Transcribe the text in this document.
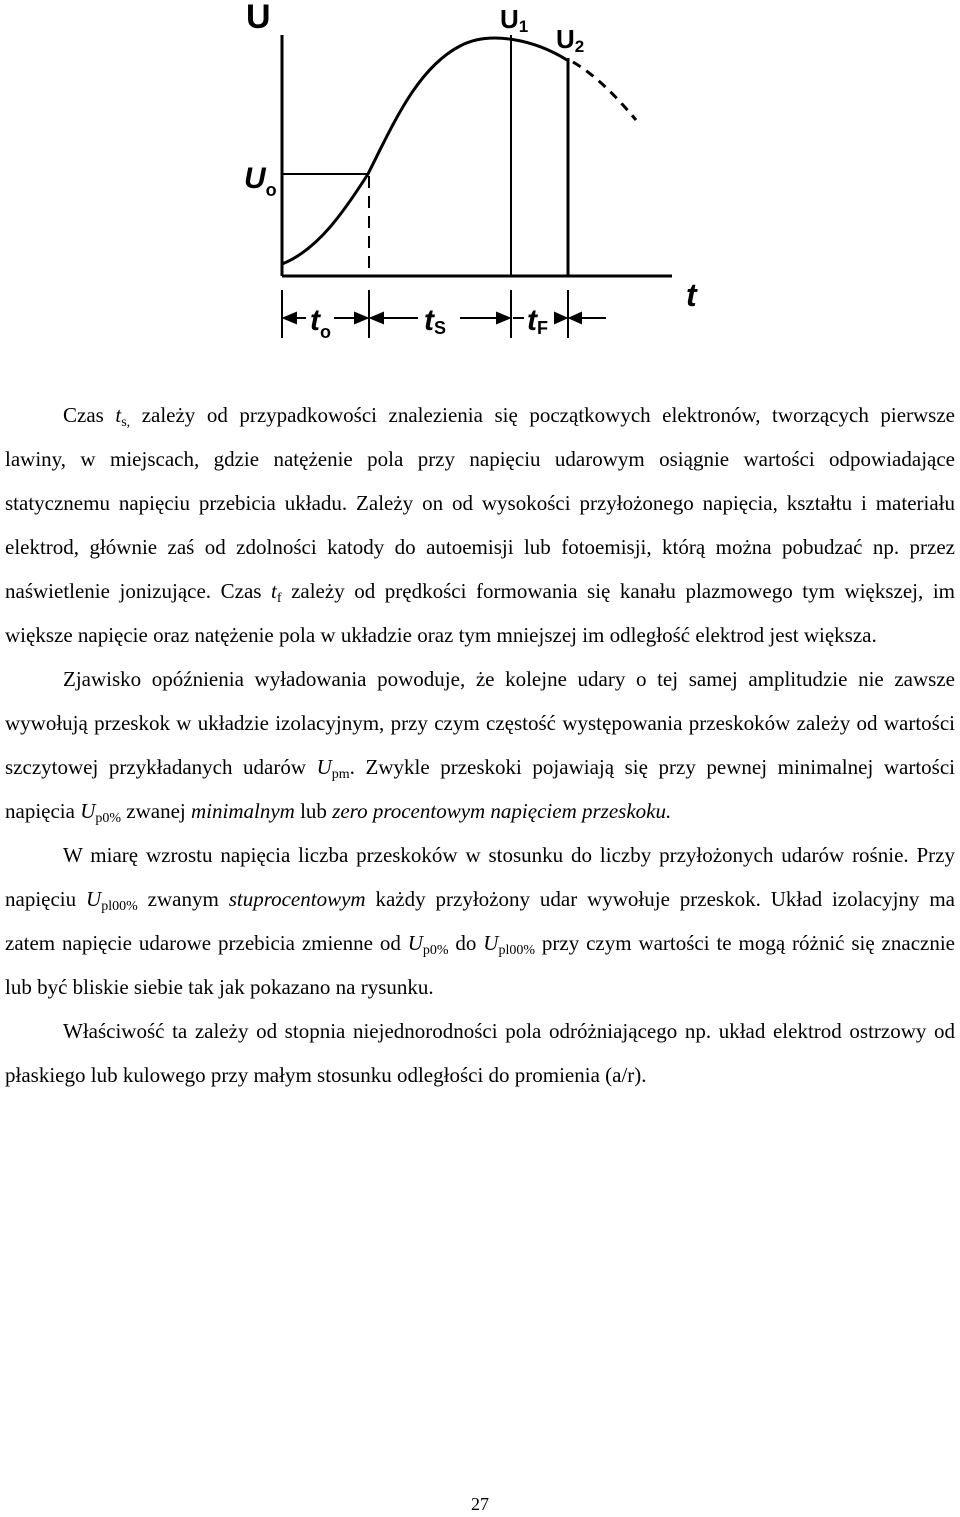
U	U1 U2
$U_o$
t
$t_o$	tS	tF

Czas $t_{s,}$ zależy od przypadkowości znalezienia się początkowych elektronów, tworzących pierwsze lawiny, w miejscach, gdzie natężenie pola przy napięciu udarowym osiągnie wartości odpowiadające statycznemu napięciu przebicia układu. Zależy on od wysokości przyłożonego napięcia, kształtu i materiału elektrod, głównie zaś od zdolności katody do autoemisji lub fotoemisji, którą można pobudzać np. przez naświetlenie jonizujące. Czas $t_f$ zależy od prędkości formowania się kanału plazmowego tym większej, im większe napięcie oraz natężenie pola w układzie oraz tym mniejszej im odległość elektrod jest większa.

Zjawisko opóźnienia wyładowania powoduje, że kolejne udary o tej samej amplitudzie nie zawsze wywołują przeskok w układzie izolacyjnym, przy czym częstość występowania przeskoków zależy od wartości szczytowej przykładanych udarów $U_{pm}$. Zwykle przeskoki pojawiają się przy pewnej minimalnej wartości napięcia $U_{p0\%}$ zwanej minimalnym lub zero procentowym napięciem przeskoku.

W miarę wzrostu napięcia liczba przeskoków w stosunku do liczby przyłożonych udarów rośnie. Przy napięciu $U_{pl00\%}$ zwanym stuprocentowym każdy przyłożony udar wywołuje przeskok. Układ izolacyjny ma zatem napięcie udarowe przebicia zmienne od $U_{p0\%}$ do $U_{pl00\%}$ przy czym wartości te mogą różnić się znacznie lub być bliskie siebie tak jak pokazano na rysunku.

Właściwość ta zależy od stopnia niejednorodności pola odróżniającego np. układ elektrod ostrzowy od płaskiego lub kulowego przy małym stosunku odległości do promienia (a/r).

27
